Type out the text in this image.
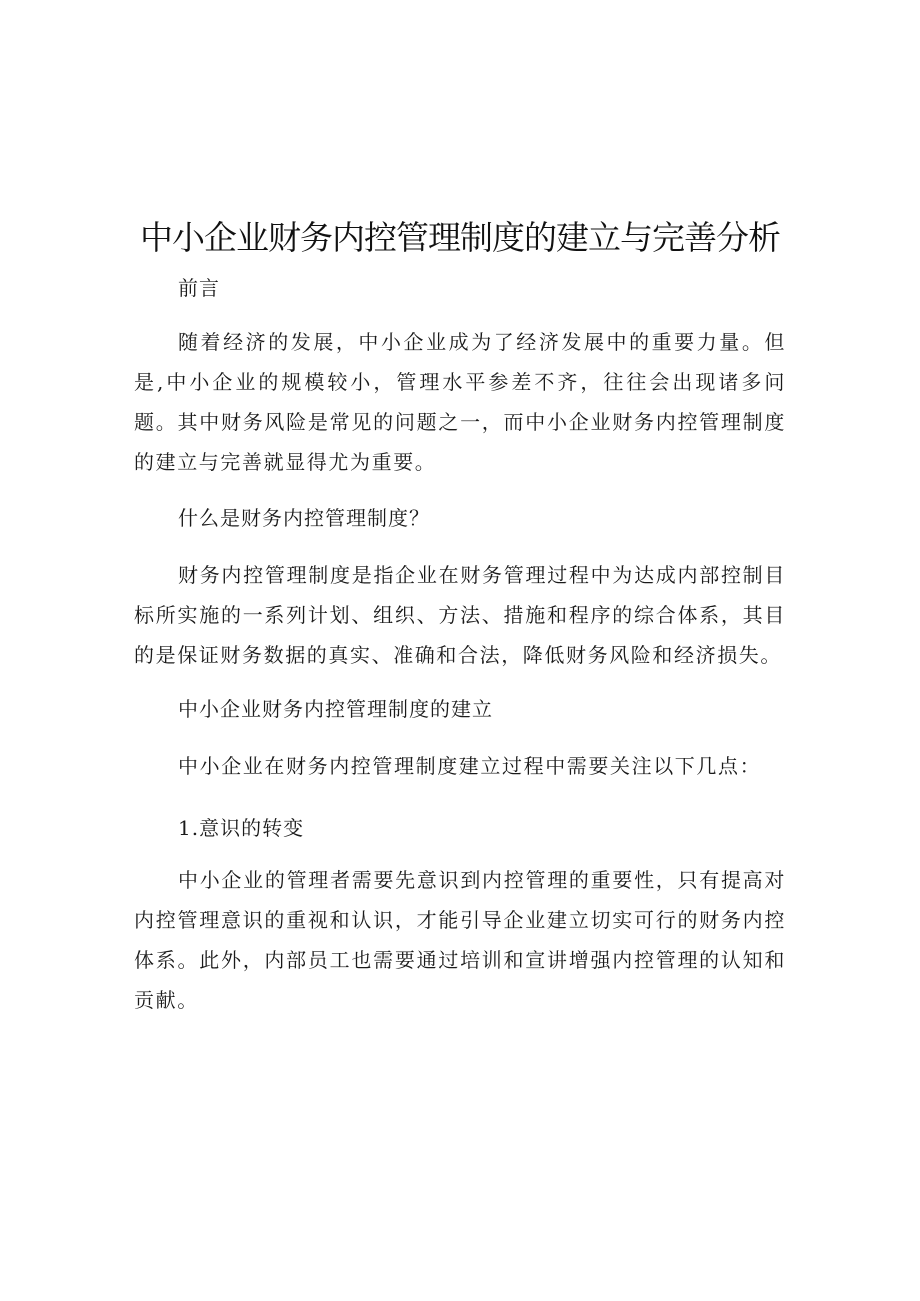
中小企业财务内控管理制度的建立与完善分析

前言

随着经济的发展，中小企业成为了经济发展中的重要力量。但是,中小企业的规模较小，管理水平参差不齐，往往会出现诸多问题。其中财务风险是常见的问题之一，而中小企业财务内控管理制度的建立与完善就显得尤为重要。

什么是财务内控管理制度？

财务内控管理制度是指企业在财务管理过程中为达成内部控制目标所实施的一系列计划、组织、方法、措施和程序的综合体系，其目的是保证财务数据的真实、准确和合法，降低财务风险和经济损失。

中小企业财务内控管理制度的建立

中小企业在财务内控管理制度建立过程中需要关注以下几点：

1.意识的转变

中小企业的管理者需要先意识到内控管理的重要性，只有提高对内控管理意识的重视和认识，才能引导企业建立切实可行的财务内控体系。此外，内部员工也需要通过培训和宣讲增强内控管理的认知和贡献。
